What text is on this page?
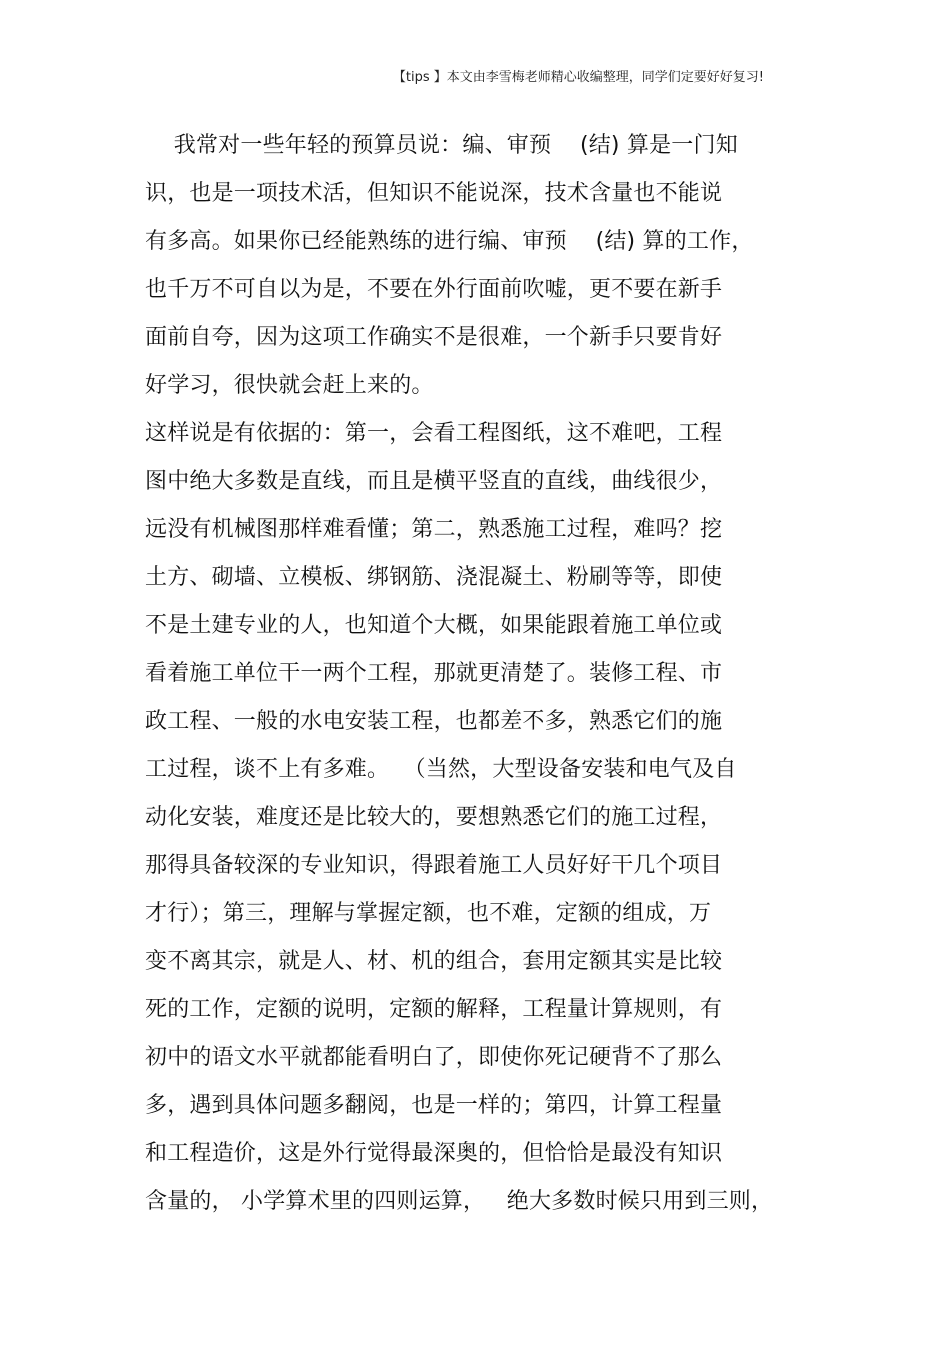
【tips 】本文由李雪梅老师精心收编整理，同学们定要好好复习!
我常对一些年轻的预算员说：编、审预    (结) 算是一门知
识，也是一项技术活，但知识不能说深，技术含量也不能说
有多高。如果你已经能熟练的进行编、审预    (结) 算的工作，
也千万不可自以为是，不要在外行面前吹嘘，更不要在新手
面前自夸，因为这项工作确实不是很难，一个新手只要肯好
好学习，很快就会赶上来的。
这样说是有依据的：第一，会看工程图纸，这不难吧，工程
图中绝大多数是直线，而且是横平竖直的直线，曲线很少，
远没有机械图那样难看懂；第二，熟悉施工过程，难吗？挖
土方、砌墙、立模板、绑钢筋、浇混凝土、粉刷等等，即使
不是土建专业的人，也知道个大概，如果能跟着施工单位或
看着施工单位干一两个工程，那就更清楚了。装修工程、市
政工程、一般的水电安装工程，也都差不多，熟悉它们的施
工过程，谈不上有多难。  （当然，大型设备安装和电气及自
动化安装，难度还是比较大的，要想熟悉它们的施工过程，
那得具备较深的专业知识，得跟着施工人员好好干几个项目
才行）；第三，理解与掌握定额，也不难，定额的组成，万
变不离其宗，就是人、材、机的组合，套用定额其实是比较
死的工作，定额的说明，定额的解释，工程量计算规则，有
初中的语文水平就都能看明白了，即使你死记硬背不了那么
多，遇到具体问题多翻阅，也是一样的；第四，计算工程量
和工程造价，这是外行觉得最深奥的，但恰恰是最没有知识
含量的， 小学算术里的四则运算，   绝大多数时候只用到三则，
